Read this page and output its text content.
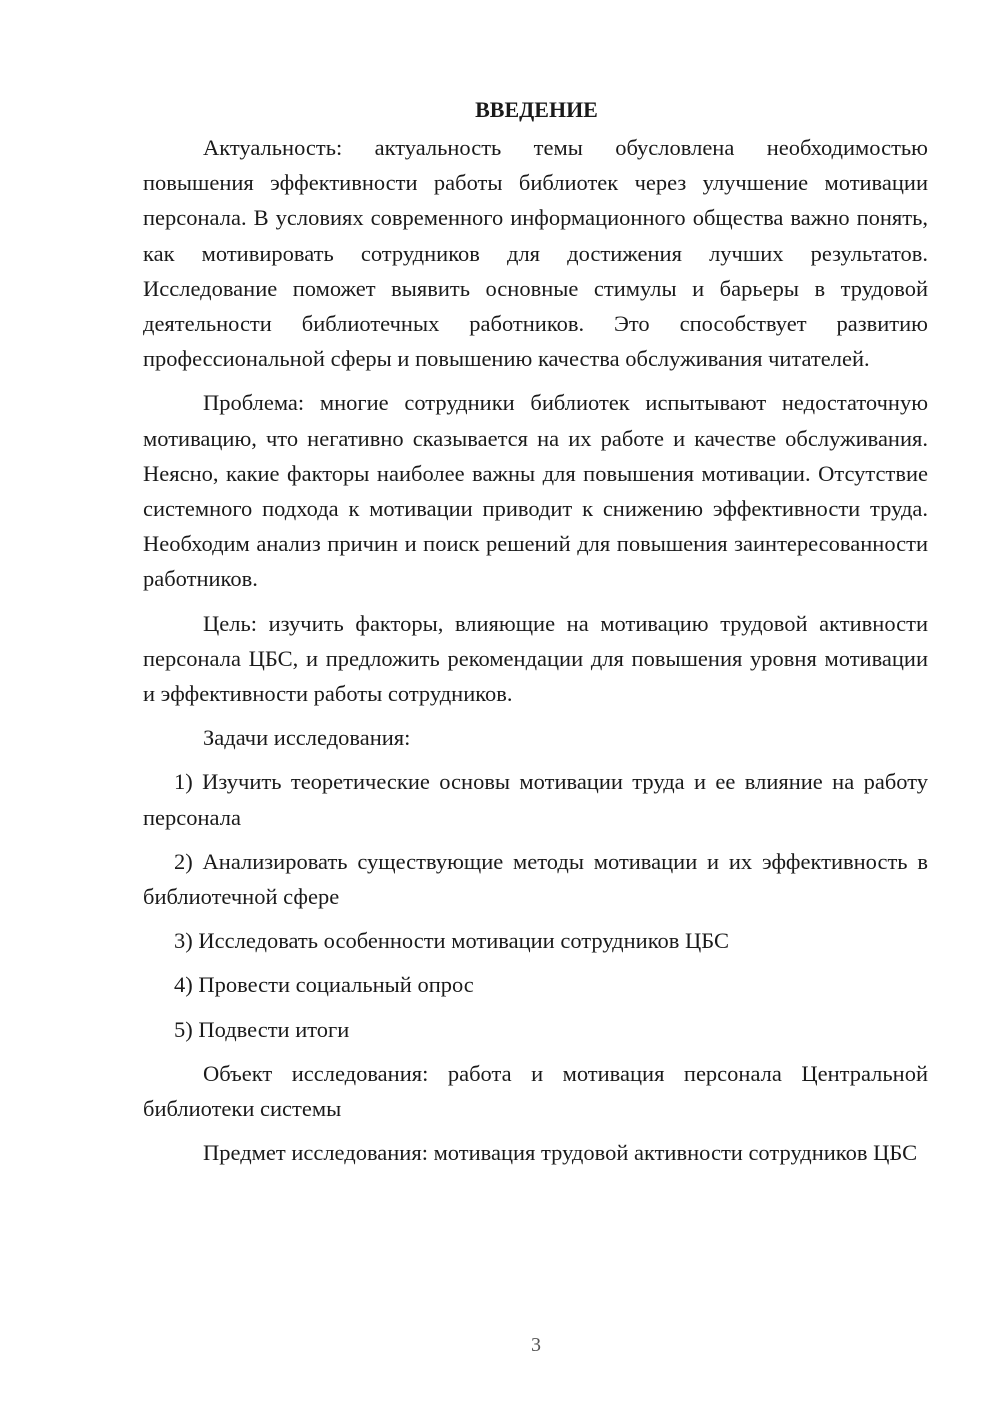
ВВЕДЕНИЕ

Актуальность: актуальность темы обусловлена необходимостью повышения эффективности работы библиотек через улучшение мотивации персонала. В условиях современного информационного общества важно понять, как мотивировать сотрудников для достижения лучших результатов. Исследование поможет выявить основные стимулы и барьеры в трудовой деятельности библиотечных работников. Это способствует развитию профессиональной сферы и повышению качества обслуживания читателей.

Проблема: многие сотрудники библиотек испытывают недостаточную мотивацию, что негативно сказывается на их работе и качестве обслуживания. Неясно, какие факторы наиболее важны для повышения мотивации. Отсутствие системного подхода к мотивации приводит к снижению эффективности труда. Необходим анализ причин и поиск решений для повышения заинтересованности работников.

Цель: изучить факторы, влияющие на мотивацию трудовой активности персонала ЦБС, и предложить рекомендации для повышения уровня мотивации и эффективности работы сотрудников.

Задачи исследования:

1) Изучить теоретические основы мотивации труда и ее влияние на работу персонала

2) Анализировать существующие методы мотивации и их эффективность в библиотечной сфере

3) Исследовать особенности мотивации сотрудников ЦБС

4) Провести социальный опрос

5) Подвести итоги

Объект исследования: работа и мотивация персонала Центральной библиотеки системы

Предмет исследования: мотивация трудовой активности сотрудников ЦБС

3
